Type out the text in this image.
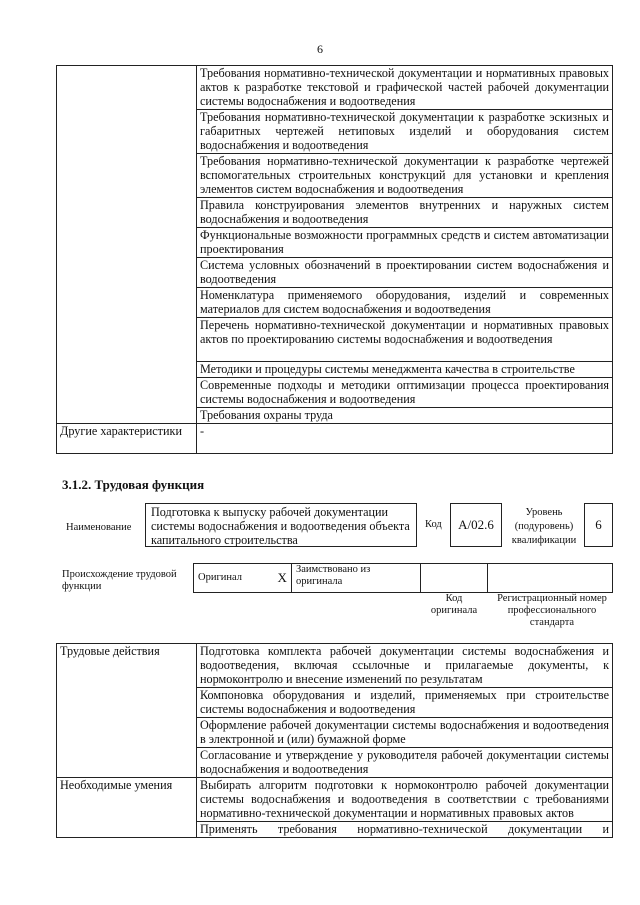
6
	Требования нормативно-технической документации и нормативных правовых актов к разработке текстовой и графической частей рабочей документации системы водоснабжения и водоотведения
	Требования нормативно-технической документации к разработке эскизных и габаритных чертежей нетиповых изделий и оборудования систем водоснабжения и водоотведения
	Требования нормативно-технической документации к разработке чертежей вспомогательных строительных конструкций для установки и крепления элементов систем водоснабжения и водоотведения
	Правила конструирования элементов внутренних и наружных систем водоснабжения и водоотведения
	Функциональные возможности программных средств и систем автоматизации проектирования
	Система условных обозначений в проектировании систем водоснабжения и водоотведения
	Номенклатура применяемого оборудования, изделий и современных материалов для систем водоснабжения и водоотведения
	Перечень нормативно-технической документации и нормативных правовых актов по проектированию системы водоснабжения и водоотведения
	Методики и процедуры системы менеджмента качества в строительстве
	Современные подходы и методики оптимизации процесса проектирования системы водоснабжения и водоотведения
	Требования охраны труда
Другие характеристики	-
3.1.2. Трудовая функция
Наименование
Подготовка к выпуску рабочей документации системы водоснабжения и водоотведения объекта капитального строительства
Код	А/02.6
Уровень (подуровень) квалификации
6
Происхождение трудовой функции
Оригинал	X	Заимствовано из оригинала		
Код оригинала
Регистрационный номер профессионального стандарта
Трудовые действия	Подготовка комплекта рабочей документации системы водоснабжения и водоотведения, включая ссылочные и прилагаемые документы, к нормоконтролю и внесение изменений по результатам
	Компоновка оборудования и изделий, применяемых при строительстве системы водоснабжения и водоотведения
	Оформление рабочей документации системы водоснабжения и водоотведения в электронной и (или) бумажной форме
	Согласование и утверждение у руководителя рабочей документации системы водоснабжения и водоотведения
Необходимые умения	Выбирать алгоритм подготовки к нормоконтролю рабочей документации системы водоснабжения и водоотведения в соответствии с требованиями нормативно-технической документации и нормативных правовых актов
	Применять требования нормативно-технической документации и
